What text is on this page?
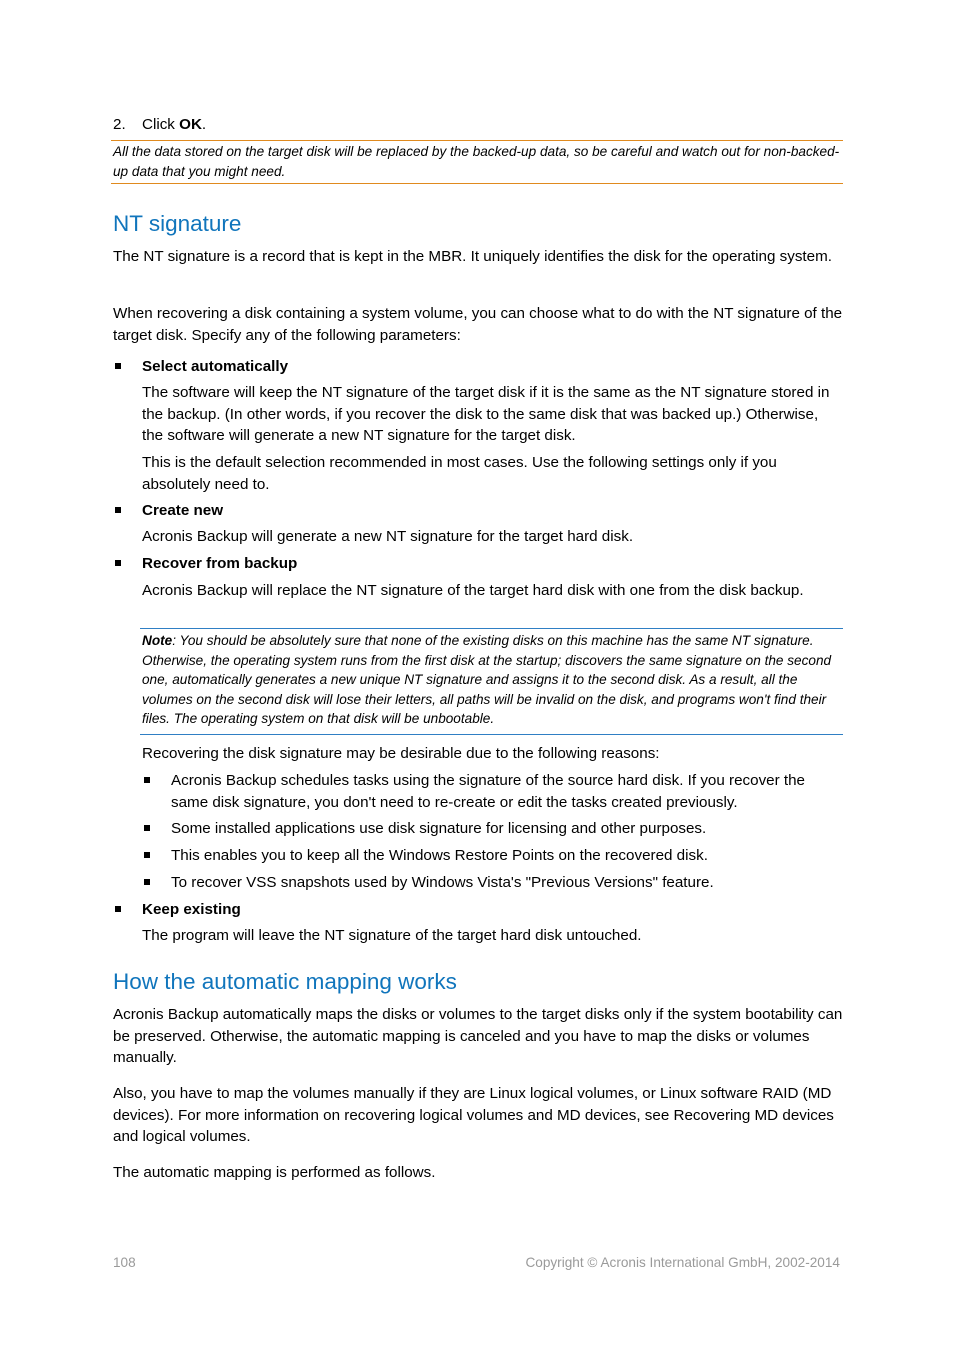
2. Click OK.
All the data stored on the target disk will be replaced by the backed-up data, so be careful and watch out for non-backed-up data that you might need.
NT signature

The NT signature is a record that is kept in the MBR. It uniquely identifies the disk for the operating system.

When recovering a disk containing a system volume, you can choose what to do with the NT signature of the target disk. Specify any of the following parameters:

Select automatically

The software will keep the NT signature of the target disk if it is the same as the NT signature stored in the backup. (In other words, if you recover the disk to the same disk that was backed up.) Otherwise, the software will generate a new NT signature for the target disk.

This is the default selection recommended in most cases. Use the following settings only if you absolutely need to.

Create new

Acronis Backup will generate a new NT signature for the target hard disk.

Recover from backup

Acronis Backup will replace the NT signature of the target hard disk with one from the disk backup.

Note: You should be absolutely sure that none of the existing disks on this machine has the same NT signature. Otherwise, the operating system runs from the first disk at the startup; discovers the same signature on the second one, automatically generates a new unique NT signature and assigns it to the second disk. As a result, all the volumes on the second disk will lose their letters, all paths will be invalid on the disk, and programs won't find their files. The operating system on that disk will be unbootable.

Recovering the disk signature may be desirable due to the following reasons:

Acronis Backup schedules tasks using the signature of the source hard disk. If you recover the same disk signature, you don't need to re-create or edit the tasks created previously.

Some installed applications use disk signature for licensing and other purposes.

This enables you to keep all the Windows Restore Points on the recovered disk.

To recover VSS snapshots used by Windows Vista's "Previous Versions" feature.

Keep existing

The program will leave the NT signature of the target hard disk untouched.

How the automatic mapping works

Acronis Backup automatically maps the disks or volumes to the target disks only if the system bootability can be preserved. Otherwise, the automatic mapping is canceled and you have to map the disks or volumes manually.

Also, you have to map the volumes manually if they are Linux logical volumes, or Linux software RAID (MD devices). For more information on recovering logical volumes and MD devices, see Recovering MD devices and logical volumes.

The automatic mapping is performed as follows.

108	Copyright © Acronis International GmbH, 2002-2014
